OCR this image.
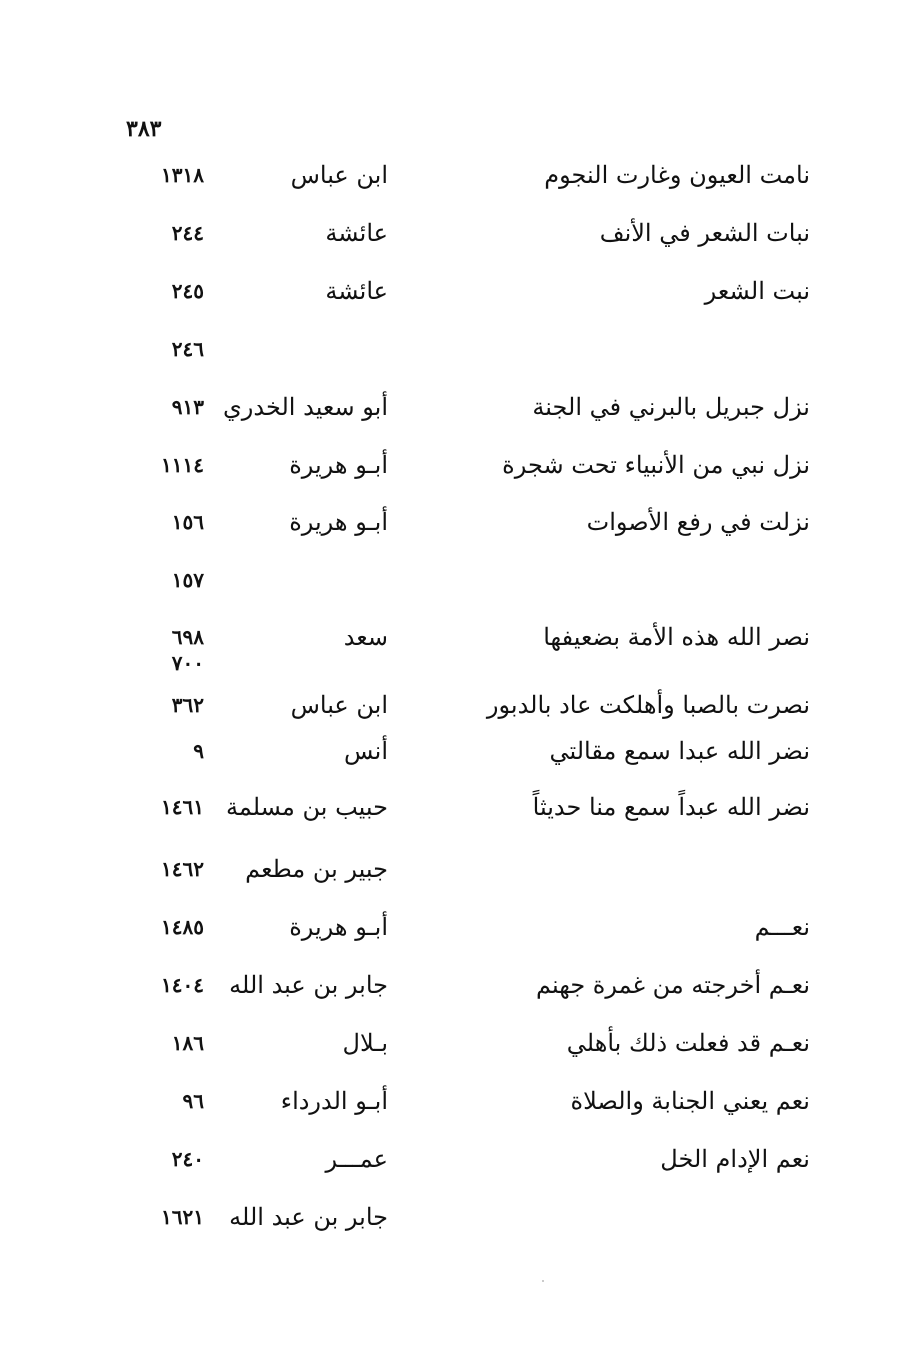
٣٨٣
نامت العيون وغارت النجوم
ابن عباس
١٣١٨
نبات الشعر في الأنف
عائشة
٢٤٤
نبت الشعر
عائشة
٢٤٥
٢٤٦
نزل جبريل بالبرني في الجنة
أبو سعيد الخدري
٩١٣
نزل نبي من الأنبياء تحت شجرة
أبـو هريرة
١١١٤
نزلت في رفع الأصوات
أبـو هريرة
١٥٦
١٥٧
نصر الله هذه الأمة بضعيفها
سعد
٦٩٨
٧٠٠
نصرت بالصبا وأهلكت عاد بالدبور
ابن عباس
٣٦٢
نضر الله عبدا سمع مقالتي
أنس
٩
نضر الله عبداً سمع منا حديثاً
حبيب بن مسلمة
١٤٦١
جبير بن مطعم
١٤٦٢
نعـــم
أبـو هريرة
١٤٨٥
نعـم أخرجته من غمرة جهنم
جابر بن عبد الله
١٤٠٤
نعـم قد فعلت ذلك بأهلي
بـلال
١٨٦
نعم يعني الجنابة والصلاة
أبـو الدرداء
٩٦
نعم الإدام الخل
عمـــر
٢٤٠
جابر بن عبد الله
١٦٢١
